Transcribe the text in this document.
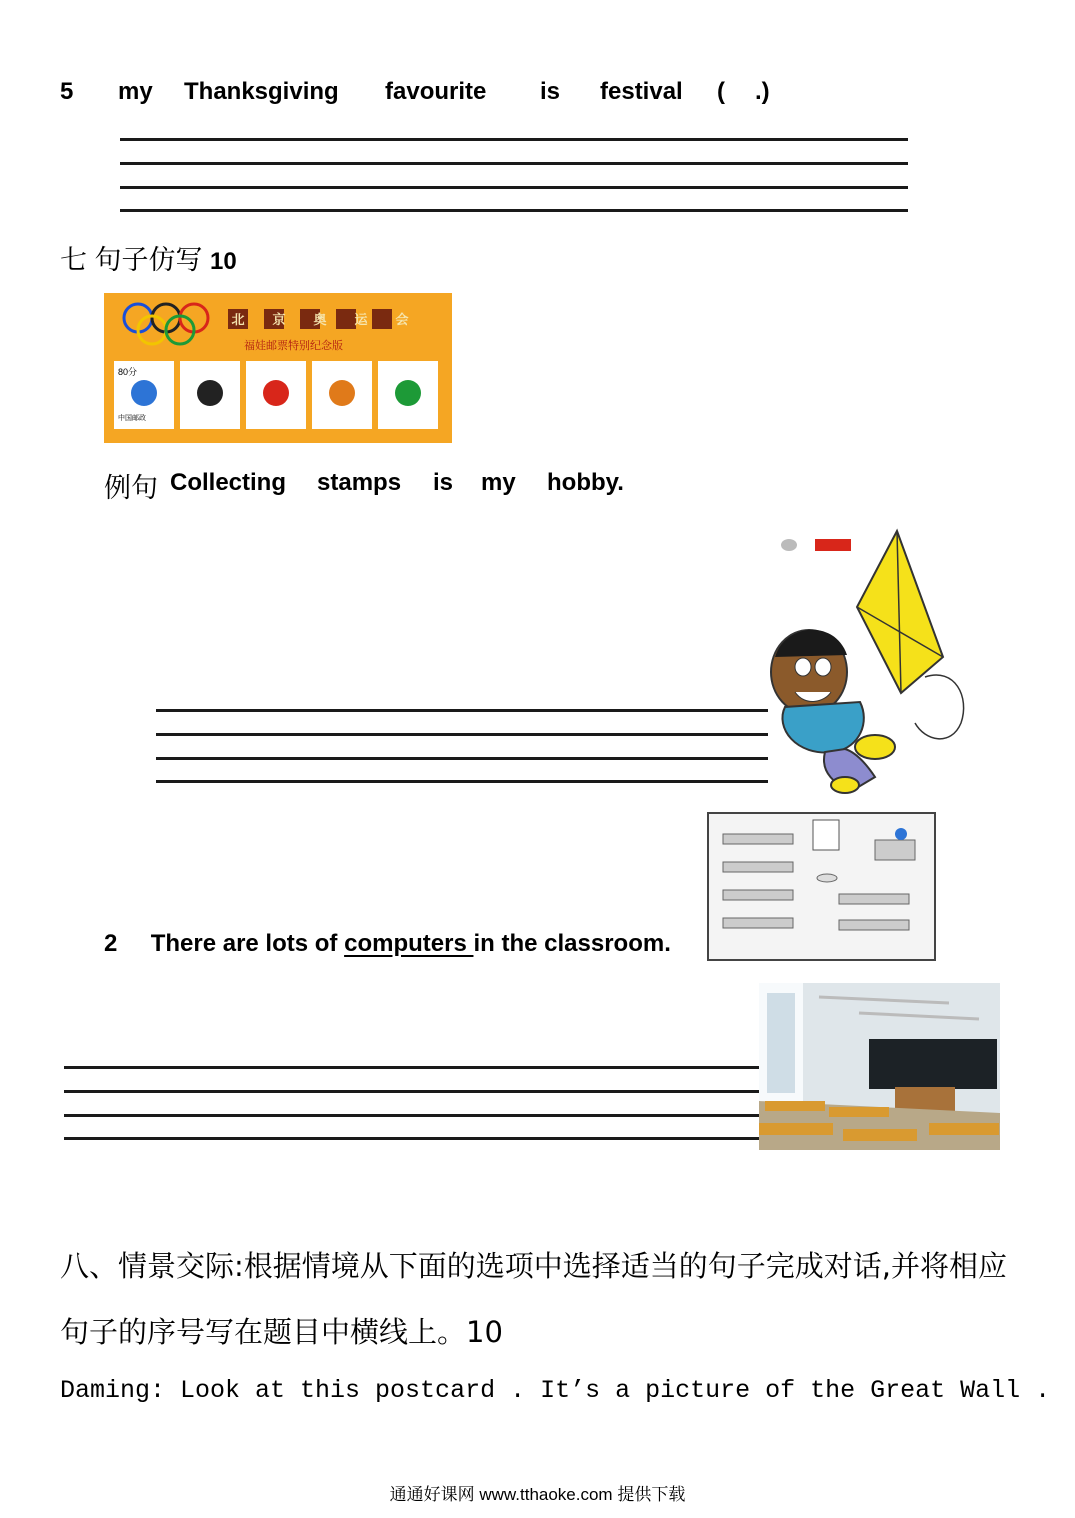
5 my Thanksgiving favourite is festival ( .)
七 句子仿写 10
北 京 奥 运 会
福娃邮票特别纪念版
80分
中国邮政
例句 Collecting stamps is my hobby.
2 There are lots of computers in the classroom.
八、情景交际:根据情境从下面的选项中选择适当的句子完成对话,并将相应
句子的序号写在题目中横线上。10
Daming: Look at this postcard . It’s a picture of the Great Wall .
通通好课网 www.tthaoke.com 提供下载
